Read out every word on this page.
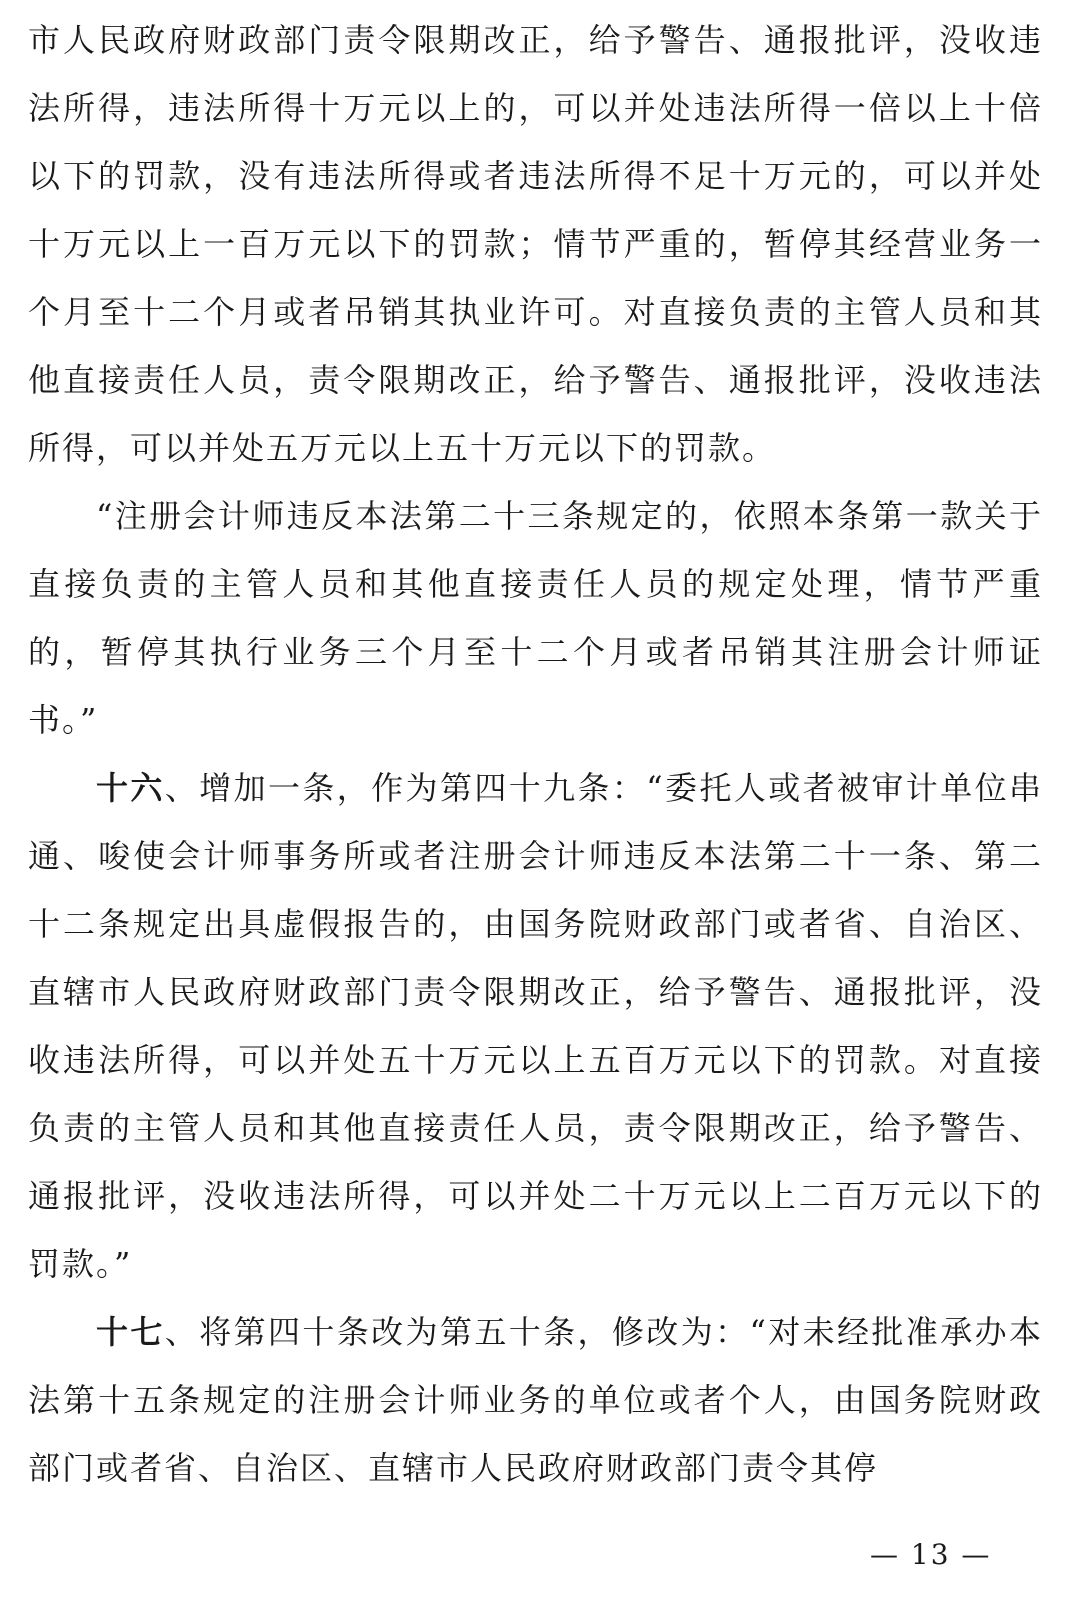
市人民政府财政部门责令限期改正，给予警告、通报批评，没收违法所得，违法所得十万元以上的，可以并处违法所得一倍以上十倍以下的罚款，没有违法所得或者违法所得不足十万元的，可以并处十万元以上一百万元以下的罚款；情节严重的，暂停其经营业务一个月至十二个月或者吊销其执业许可。对直接负责的主管人员和其他直接责任人员，责令限期改正，给予警告、通报批评，没收违法所得，可以并处五万元以上五十万元以下的罚款。

“注册会计师违反本法第二十三条规定的，依照本条第一款关于直接负责的主管人员和其他直接责任人员的规定处理，情节严重的，暂停其执行业务三个月至十二个月或者吊销其注册会计师证书。”

十六、增加一条，作为第四十九条：“委托人或者被审计单位串通、唆使会计师事务所或者注册会计师违反本法第二十一条、第二十二条规定出具虚假报告的，由国务院财政部门或者省、自治区、直辖市人民政府财政部门责令限期改正，给予警告、通报批评，没收违法所得，可以并处五十万元以上五百万元以下的罚款。对直接负责的主管人员和其他直接责任人员，责令限期改正，给予警告、通报批评，没收违法所得，可以并处二十万元以上二百万元以下的罚款。”

十七、将第四十条改为第五十条，修改为：“对未经批准承办本法第十五条规定的注册会计师业务的单位或者个人，由国务院财政部门或者省、自治区、直辖市人民政府财政部门责令其停

— 13 —
